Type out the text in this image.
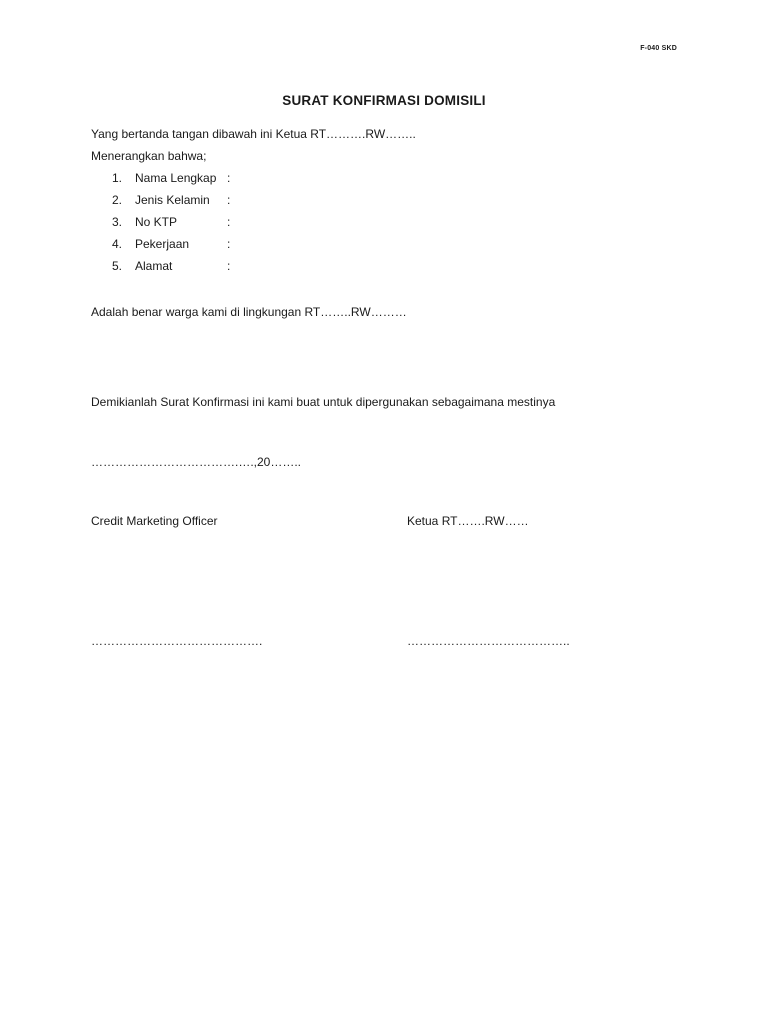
F-040 SKD
SURAT KONFIRMASI DOMISILI
Yang bertanda tangan dibawah ini Ketua RT……….RW……..
Menerangkan bahwa;
1. Nama Lengkap :
2. Jenis Kelamin :
3. No KTP	:
4. Pekerjaan	:
5. Alamat	:
Adalah benar warga kami di lingkungan RT……..RW………
Demikianlah Surat Konfirmasi ini kami buat untuk dipergunakan sebagaimana mestinya
……………………………….….,20……..
Credit Marketing Officer	Ketua RT…….RW……
…………………………………….	…………………………………..
